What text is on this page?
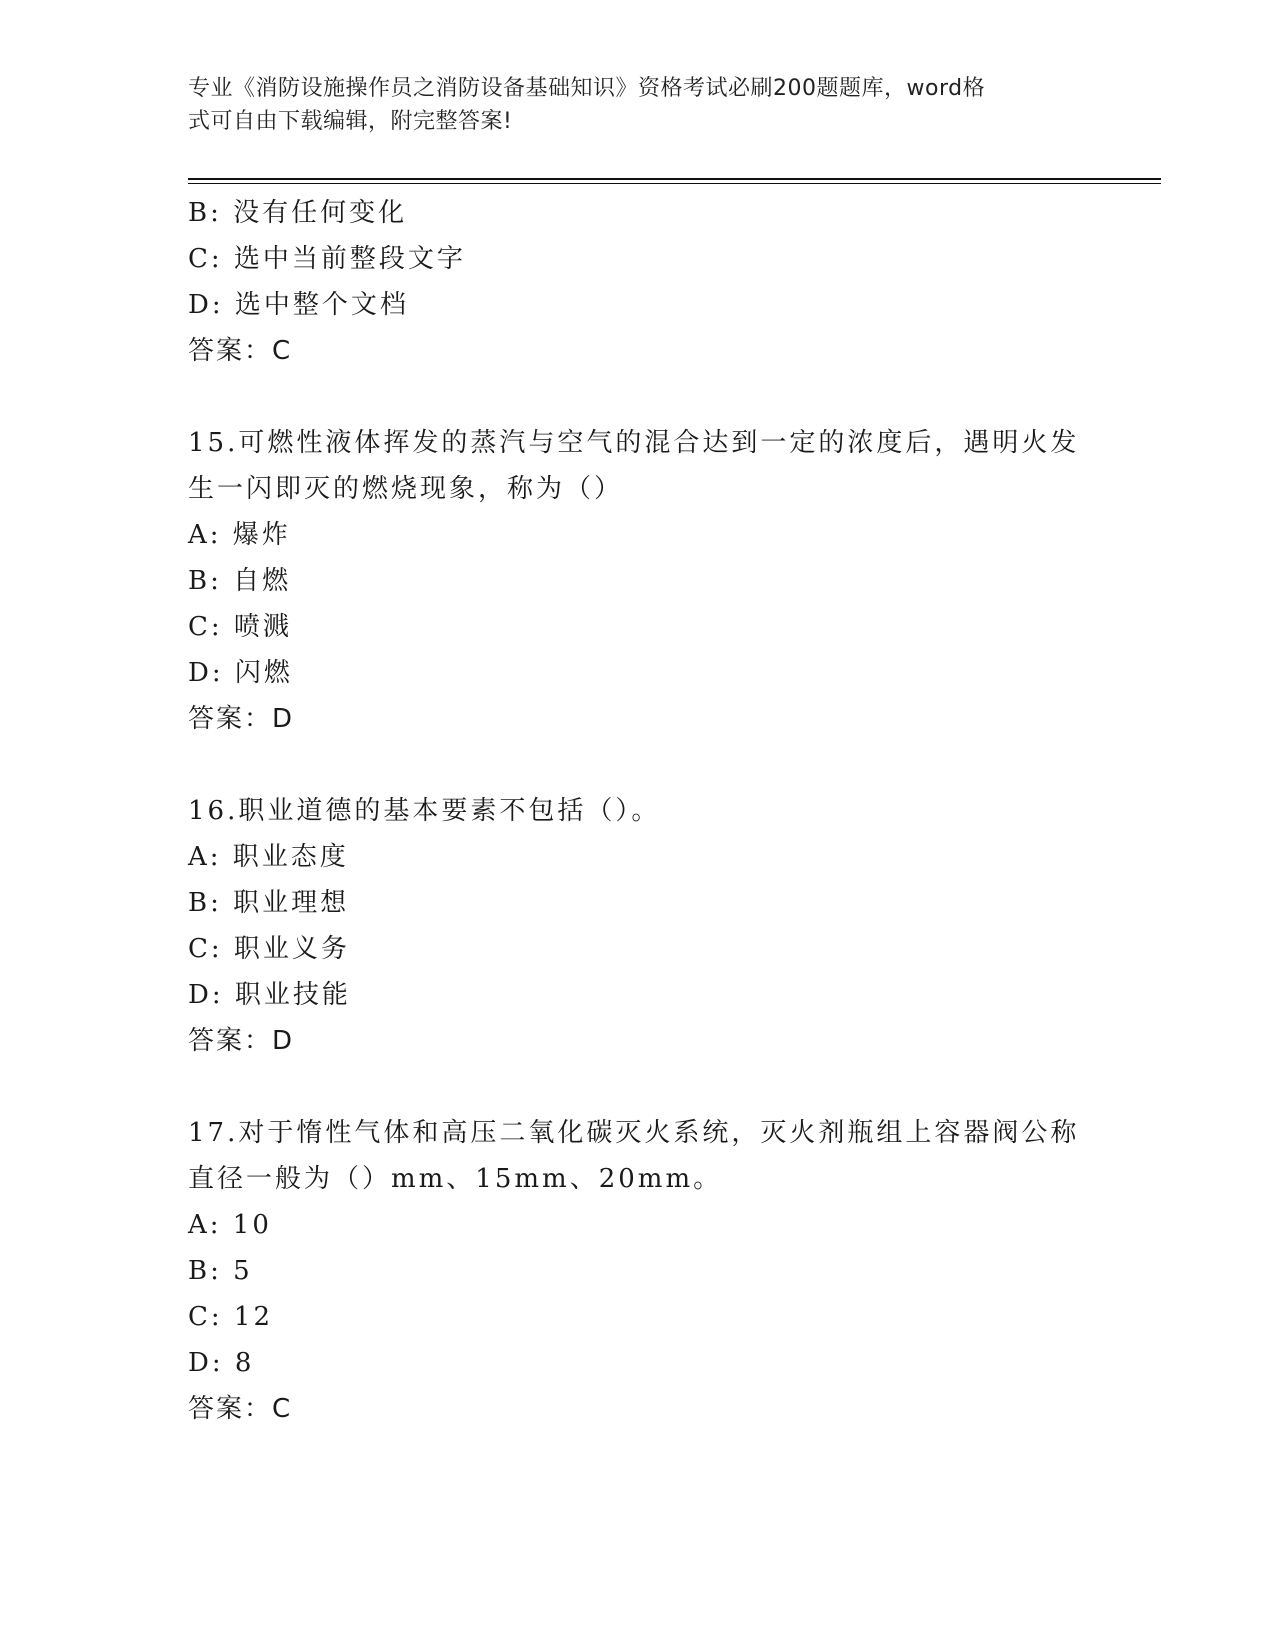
专业《消防设施操作员之消防设备基础知识》资格考试必刷200题题库，word格
式可自由下载编辑，附完整答案!
B: 没有任何变化
C: 选中当前整段文字
D: 选中整个文档
答案：C
15.可燃性液体挥发的蒸汽与空气的混合达到一定的浓度后，遇明火发
生一闪即灭的燃烧现象，称为（）
A: 爆炸
B: 自燃
C: 喷溅
D: 闪燃
答案：D
16.职业道德的基本要素不包括（）。
A: 职业态度
B: 职业理想
C: 职业义务
D: 职业技能
答案：D
17.对于惰性气体和高压二氧化碳灭火系统，灭火剂瓶组上容器阀公称
直径一般为（）mm、15mm、20mm。
A: 10
B: 5
C: 12
D: 8
答案：C
